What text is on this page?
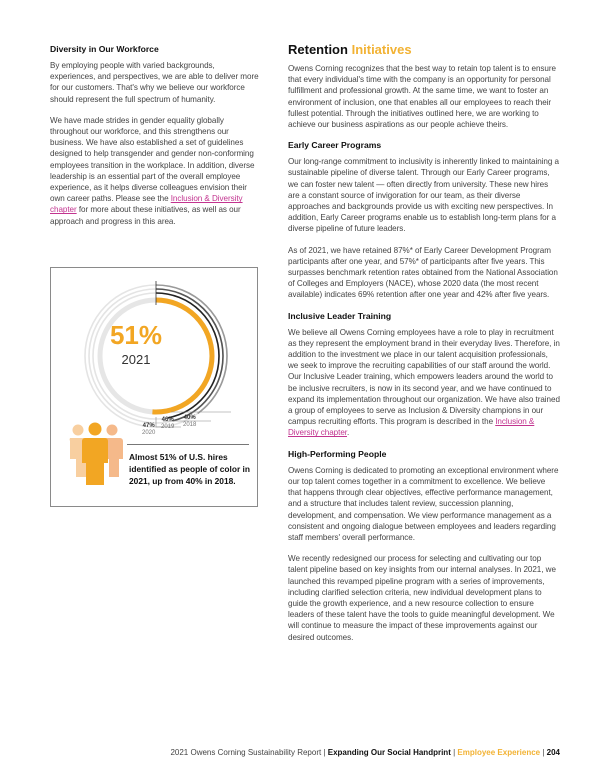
Diversity in Our Workforce

By employing people with varied backgrounds, experiences, and perspectives, we are able to deliver more for our customers. That's why we believe our workforce should represent the full spectrum of humanity.

We have made strides in gender equality globally throughout our workforce, and this strengthens our business. We have also established a set of guidelines designed to help transgender and gender non-conforming employees transition in the workplace. In addition, diverse leadership is an essential part of the overall employee experience, as it helps diverse colleagues envision their own career paths. Please see the Inclusion & Diversity chapter for more about these initiatives, as well as our approach and progress in this area.

51%
2021
40%
2018
46%
2019
47%
2020
Almost 51% of U.S. hires identified as people of color in 2021, up from 40% in 2018.
Retention Initiatives

Owens Corning recognizes that the best way to retain top talent is to ensure that every individual's time with the company is an opportunity for personal fulfillment and professional growth. At the same time, we want to foster an environment of inclusion, one that enables all our employees to reach their fullest potential. Through the initiatives outlined here, we are working to achieve our business aspirations as our people achieve theirs.

Early Career Programs

Our long-range commitment to inclusivity is inherently linked to maintaining a sustainable pipeline of diverse talent. Through our Early Career programs, we can foster new talent — often directly from university. These new hires are a constant source of invigoration for our team, as their diverse approaches and backgrounds provide us with exciting new perspectives. In addition, Early Career programs enable us to establish long-term plans for a diverse pipeline of future leaders.

As of 2021, we have retained 87%* of Early Career Development Program participants after one year, and 57%* of participants after five years. This surpasses benchmark retention rates obtained from the National Association of Colleges and Employers (NACE), whose 2020 data (the most recent available) indicates 69% retention after one year and 42% after five years.

Inclusive Leader Training

We believe all Owens Corning employees have a role to play in recruitment as they represent the employment brand in their everyday lives. Therefore, in addition to the investment we place in our talent acquisition professionals, we seek to improve the recruiting capabilities of our staff around the world. Our Inclusive Leader training, which empowers leaders around the world to be inclusive recruiters, is now in its second year, and we have continued to expand its implementation throughout our organization. We have also trained a group of employees to serve as Inclusion & Diversity champions in our campus recruiting efforts. This program is described in the Inclusion & Diversity chapter.

High-Performing People

Owens Corning is dedicated to promoting an exceptional environment where our top talent comes together in a commitment to excellence. We believe that happens through clear objectives, effective performance management, and a structure that includes talent review, succession planning, development, and compensation. We view performance management as a consistent and ongoing dialogue between employees and leaders regarding staff members' overall performance.

We recently redesigned our process for selecting and cultivating our top talent pipeline based on key insights from our internal analyses. In 2021, we launched this revamped pipeline program with a series of improvements, including clarified selection criteria, new individual development plans to guide the growth experience, and a new resource collection to ensure leaders of these talent have the tools to guide meaningful development. We will continue to measure the impact of these improvements against our desired outcomes.

2021 Owens Corning Sustainability Report | Expanding Our Social Handprint | Employee Experience | 204
